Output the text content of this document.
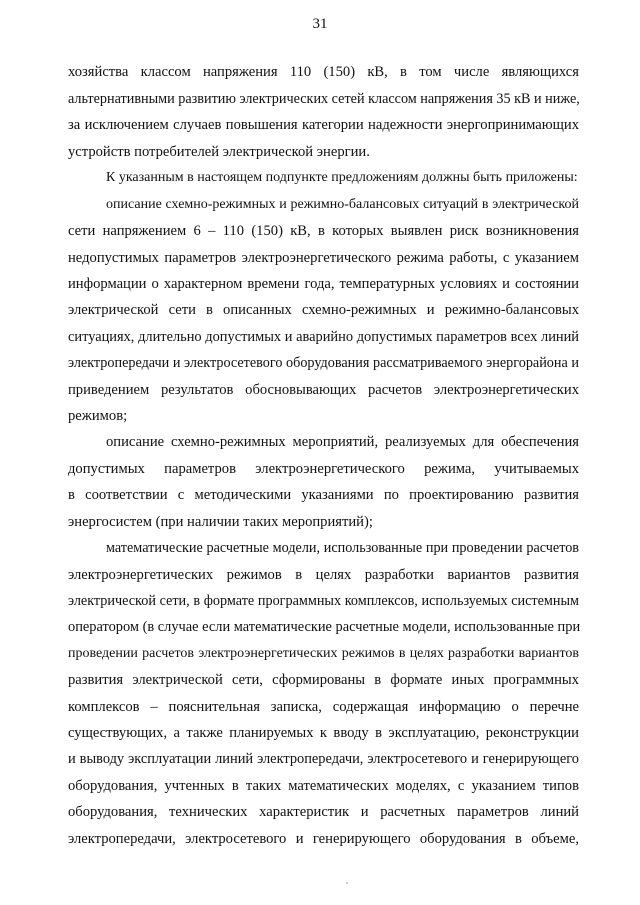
31
хозяйства классом напряжения 110 (150) кВ, в том числе являющихся
альтернативными развитию электрических сетей классом напряжения 35 кВ и ниже,
за исключением случаев повышения категории надежности энергопринимающих
устройств потребителей электрической энергии.
К указанным в настоящем подпункте предложениям должны быть приложены:
описание схемно-режимных и режимно-балансовых ситуаций в электрической
сети напряжением 6 – 110 (150) кВ, в которых выявлен риск возникновения
недопустимых параметров электроэнергетического режима работы, с указанием
информации о характерном времени года, температурных условиях и состоянии
электрической сети в описанных схемно-режимных и режимно-балансовых
ситуациях, длительно допустимых и аварийно допустимых параметров всех линий
электропередачи и электросетевого оборудования рассматриваемого энергорайона и
приведением результатов обосновывающих расчетов электроэнергетических
режимов;
описание схемно-режимных мероприятий, реализуемых для обеспечения
допустимых параметров электроэнергетического режима, учитываемых
в соответствии с методическими указаниями по проектированию развития
энергосистем (при наличии таких мероприятий);
математические расчетные модели, использованные при проведении расчетов
электроэнергетических режимов в целях разработки вариантов развития
электрической сети, в формате программных комплексов, используемых системным
оператором (в случае если математические расчетные модели, использованные при
проведении расчетов электроэнергетических режимов в целях разработки вариантов
развития электрической сети, сформированы в формате иных программных
комплексов – пояснительная записка, содержащая информацию о перечне
существующих, а также планируемых к вводу в эксплуатацию, реконструкции
и выводу эксплуатации линий электропередачи, электросетевого и генерирующего
оборудования, учтенных в таких математических моделях, с указанием типов
оборудования, технических характеристик и расчетных параметров линий
электропередачи, электросетевого и генерирующего оборудования в объеме,
